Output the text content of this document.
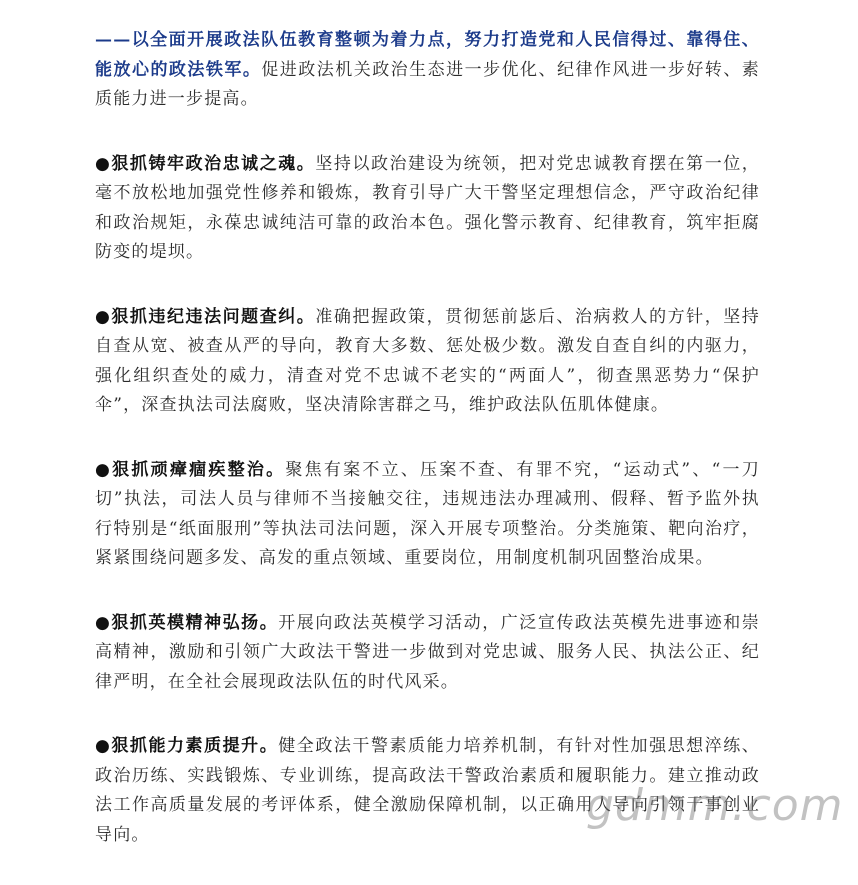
——以全面开展政法队伍教育整顿为着力点，努力打造党和人民信得过、靠得住、能放心的政法铁军。促进政法机关政治生态进一步优化、纪律作风进一步好转、素质能力进一步提高。

●狠抓铸牢政治忠诚之魂。坚持以政治建设为统领，把对党忠诚教育摆在第一位，毫不放松地加强党性修养和锻炼，教育引导广大干警坚定理想信念，严守政治纪律和政治规矩，永葆忠诚纯洁可靠的政治本色。强化警示教育、纪律教育，筑牢拒腐防变的堤坝。

●狠抓违纪违法问题查纠。准确把握政策，贯彻惩前毖后、治病救人的方针，坚持自查从宽、被查从严的导向，教育大多数、惩处极少数。激发自查自纠的内驱力，强化组织查处的威力，清查对党不忠诚不老实的“两面人”，彻查黑恶势力“保护伞”，深查执法司法腐败，坚决清除害群之马，维护政法队伍肌体健康。

●狠抓顽瘴痼疾整治。聚焦有案不立、压案不查、有罪不究，“运动式”、“一刀切”执法，司法人员与律师不当接触交往，违规违法办理减刑、假释、暂予监外执行特别是“纸面服刑”等执法司法问题，深入开展专项整治。分类施策、靶向治疗，紧紧围绕问题多发、高发的重点领域、重要岗位，用制度机制巩固整治成果。

●狠抓英模精神弘扬。开展向政法英模学习活动，广泛宣传政法英模先进事迹和崇高精神，激励和引领广大政法干警进一步做到对党忠诚、服务人民、执法公正、纪律严明，在全社会展现政法队伍的时代风采。

●狠抓能力素质提升。健全政法干警素质能力培养机制，有针对性加强思想淬练、政治历练、实践锻炼、专业训练，提高政法干警政治素质和履职能力。建立推动政法工作高质量发展的考评体系，健全激励保障机制，以正确用人导向引领干事创业导向。

gdmm.com
